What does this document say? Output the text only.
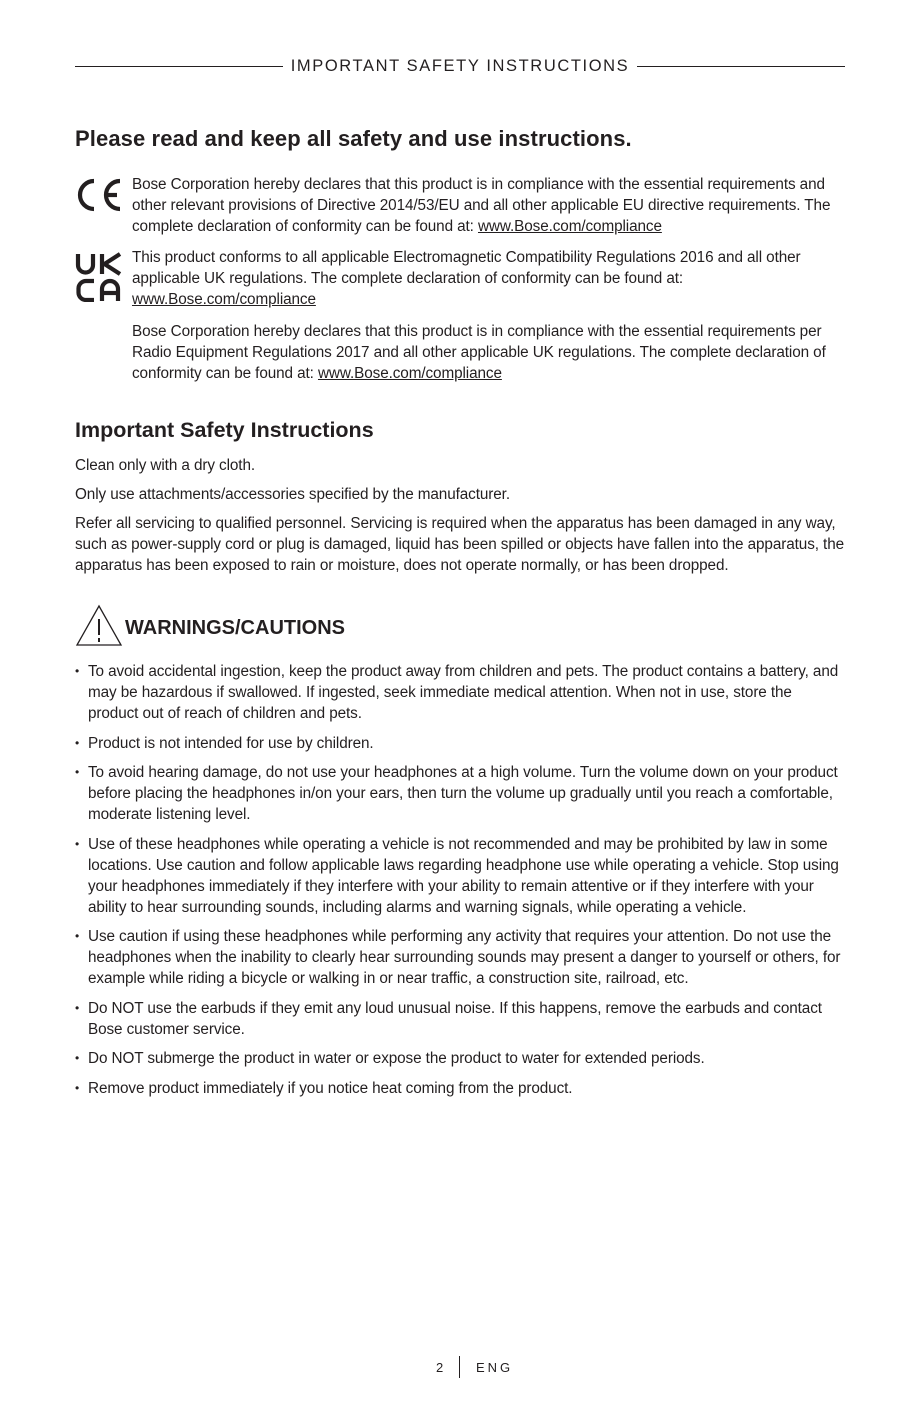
IMPORTANT SAFETY INSTRUCTIONS
Please read and keep all safety and use instructions.
Bose Corporation hereby declares that this product is in compliance with the essential requirements and other relevant provisions of Directive 2014/53/EU and all other applicable EU directive requirements. The complete declaration of conformity can be found at: www.Bose.com/compliance
This product conforms to all applicable Electromagnetic Compatibility Regulations 2016 and all other applicable UK regulations. The complete declaration of conformity can be found at: www.Bose.com/compliance
Bose Corporation hereby declares that this product is in compliance with the essential requirements per Radio Equipment Regulations 2017 and all other applicable UK regulations. The complete declaration of conformity can be found at: www.Bose.com/compliance
Important Safety Instructions

Clean only with a dry cloth.

Only use attachments/accessories specified by the manufacturer.

Refer all servicing to qualified personnel. Servicing is required when the apparatus has been damaged in any way, such as power-supply cord or plug is damaged, liquid has been spilled or objects have fallen into the apparatus, the apparatus has been exposed to rain or moisture, does not operate normally, or has been dropped.

WARNINGS/CAUTIONS
• To avoid accidental ingestion, keep the product away from children and pets. The product contains a battery, and may be hazardous if swallowed. If ingested, seek immediate medical attention. When not in use, store the product out of reach of children and pets.
• Product is not intended for use by children.
• To avoid hearing damage, do not use your headphones at a high volume. Turn the volume down on your product before placing the headphones in/on your ears, then turn the volume up gradually until you reach a comfortable, moderate listening level.
• Use of these headphones while operating a vehicle is not recommended and may be prohibited by law in some locations. Use caution and follow applicable laws regarding headphone use while operating a vehicle. Stop using your headphones immediately if they interfere with your ability to remain attentive or if they interfere with your ability to hear surrounding sounds, including alarms and warning signals, while operating a vehicle.
• Use caution if using these headphones while performing any activity that requires your attention. Do not use the headphones when the inability to clearly hear surrounding sounds may present a danger to yourself or others, for example while riding a bicycle or walking in or near traffic, a construction site, railroad, etc.
• Do NOT use the earbuds if they emit any loud unusual noise. If this happens, remove the earbuds and contact Bose customer service.
• Do NOT submerge the product in water or expose the product to water for extended periods.
• Remove product immediately if you notice heat coming from the product.
2 ENG
